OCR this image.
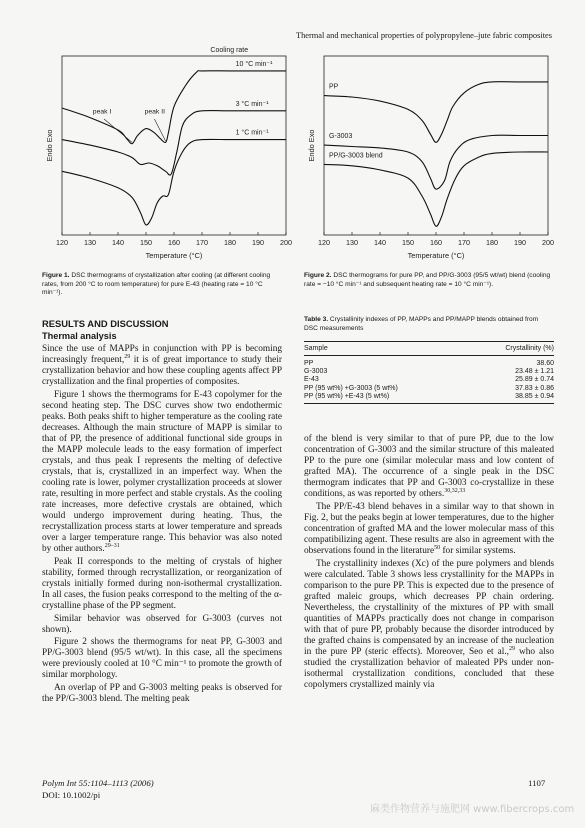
Thermal and mechanical properties of polypropylene–jute fabric composites
120 130 140 150 160 170 180 190 200
Temperature (°C)
Endo Exo
10 °C min⁻¹
3 °C min⁻¹
1 °C min⁻¹
Cooling rate
peak I	peak II
Figure 1. DSC thermograms of crystallization after cooling (at different cooling rates, from 200 °C to room temperature) for pure E-43 (heating rate = 10 °C min⁻¹).
120 130 140 150 160 170 180 190 200
Temperature (°C)
Endo Exo
PP
G-3003
PP/G-3003 blend
Figure 2. DSC thermograms for pure PP, and PP/G-3003 (95/5 wt/wt) blend (cooling rate = −10 °C min⁻¹ and subsequent heating rate = 10 °C min⁻¹).
RESULTS AND DISCUSSION
Thermal analysis

Since the use of MAPPs in conjunction with PP is becoming increasingly frequent,$^{29}$ it is of great importance to study their crystallization behavior and how these coupling agents affect PP crystallization and the final properties of composites.

Figure 1 shows the thermograms for E-43 copolymer for the second heating step. The DSC curves show two endothermic peaks. Both peaks shift to higher temperature as the cooling rate decreases. Although the main structure of MAPP is similar to that of PP, the presence of additional functional side groups in the MAPP molecule leads to the easy formation of imperfect crystals, and thus peak I represents the melting of defective crystals, that is, crystallized in an imperfect way. When the cooling rate is lower, polymer crystallization proceeds at slower rate, resulting in more perfect and stable crystals. As the cooling rate increases, more defective crystals are obtained, which would undergo improvement during heating. Thus, the recrystallization process starts at lower temperature and spreads over a larger temperature range. This behavior was also noted by other authors.$^{29-31}$

Peak II corresponds to the melting of crystals of higher stability, formed through recrystallization, or reorganization of crystals initially formed during non-isothermal crystallization. In all cases, the fusion peaks correspond to the melting of the α-crystalline phase of the PP segment.

Similar behavior was observed for G-3003 (curves not shown).

Figure 2 shows the thermograms for neat PP, G-3003 and PP/G-3003 blend (95/5 wt/wt). In this case, all the specimens were previously cooled at 10 °C min⁻¹ to promote the growth of similar morphology.

An overlap of PP and G-3003 melting peaks is observed for the PP/G-3003 blend. The melting peak

Table 3. Crystallinity indexes of PP, MAPPs and PP/MAPP blends obtained from DSC measurements
Sample	Crystallinity (%)
PP	38.60
G-3003	23.48 ± 1.21
E-43	25.89 ± 0.74
PP (95 wt%) +G-3003 (5 wt%)	37.83 ± 0.86
PP (95 wt%) +E-43 (5 wt%)	38.85 ± 0.94

of the blend is very similar to that of pure PP, due to the low concentration of G-3003 and the similar structure of this maleated PP to the pure one (similar molecular mass and low content of grafted MA). The occurrence of a single peak in the DSC thermogram indicates that PP and G-3003 co-crystallize in these conditions, as was reported by others.$^{30,32,33}$

The PP/E-43 blend behaves in a similar way to that shown in Fig. 2, but the peaks begin at lower temperatures, due to the higher concentration of grafted MA and the lower molecular mass of this compatibilizing agent. These results are also in agreement with the observations found in the literature$^{50}$ for similar systems.

The crystallinity indexes (Xc) of the pure polymers and blends were calculated. Table 3 shows less crystallinity for the MAPPs in comparison to the pure PP. This is expected due to the presence of grafted maleic groups, which decreases PP chain ordering. Nevertheless, the crystallinity of the mixtures of PP with small quantities of MAPPs practically does not change in comparison with that of pure PP, probably because the disorder introduced by the grafted chains is compensated by an increase of the nucleation in the pure PP (steric effects). Moreover, Seo et al.,$^{29}$ who also studied the crystallization behavior of maleated PPs under non-isothermal crystallization conditions, concluded that these copolymers crystallized mainly via

Polym Int 55:1104–1113 (2006)
DOI: 10.1002/pi
1107
麻类作物营养与施肥网 www.fibercrops.com
